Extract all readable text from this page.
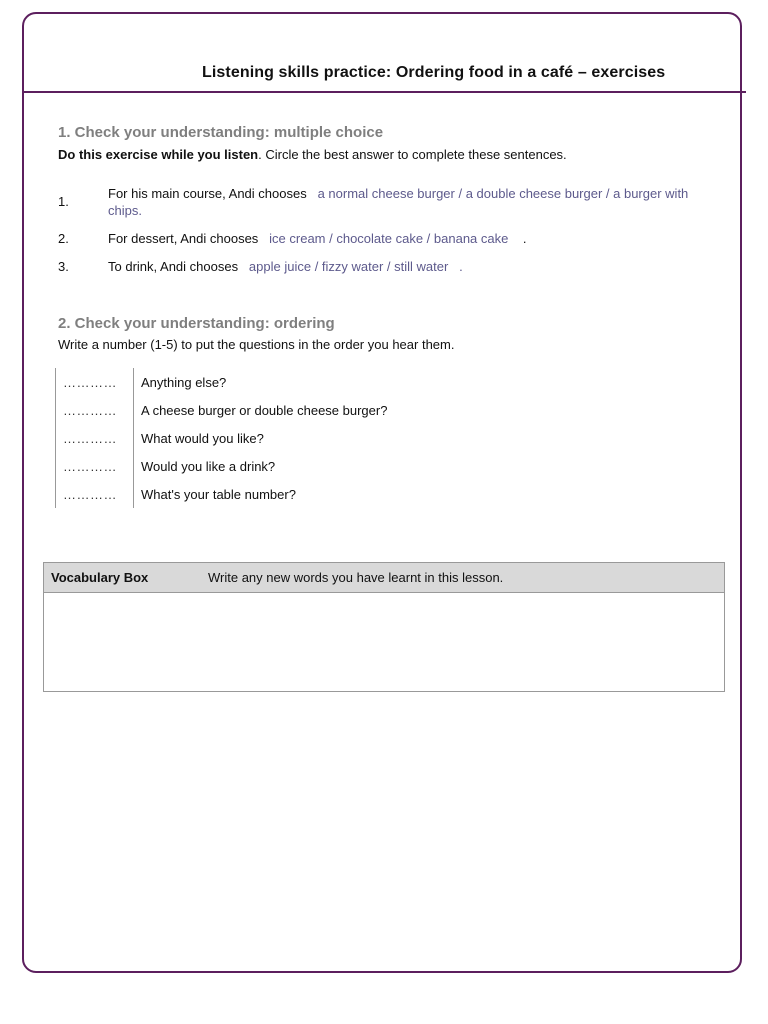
Listening skills practice: Ordering food in a café – exercises
1. Check your understanding: multiple choice
Do this exercise while you listen. Circle the best answer to complete these sentences.
1.
For his main course, Andi chooses a normal cheese burger / a double cheese burger / a burger with chips.
2.	For dessert, Andi chooses ice cream / chocolate cake / banana cake .
3.	To drink, Andi chooses apple juice / fizzy water / still water .
2. Check your understanding: ordering
Write a number (1-5) to put the questions in the order you hear them.
…………	Anything else?
…………	A cheese burger or double cheese burger?
…………	What would you like?
…………	Would you like a drink?
…………	What's your table number?
Vocabulary Box	Write any new words you have learnt in this lesson.
